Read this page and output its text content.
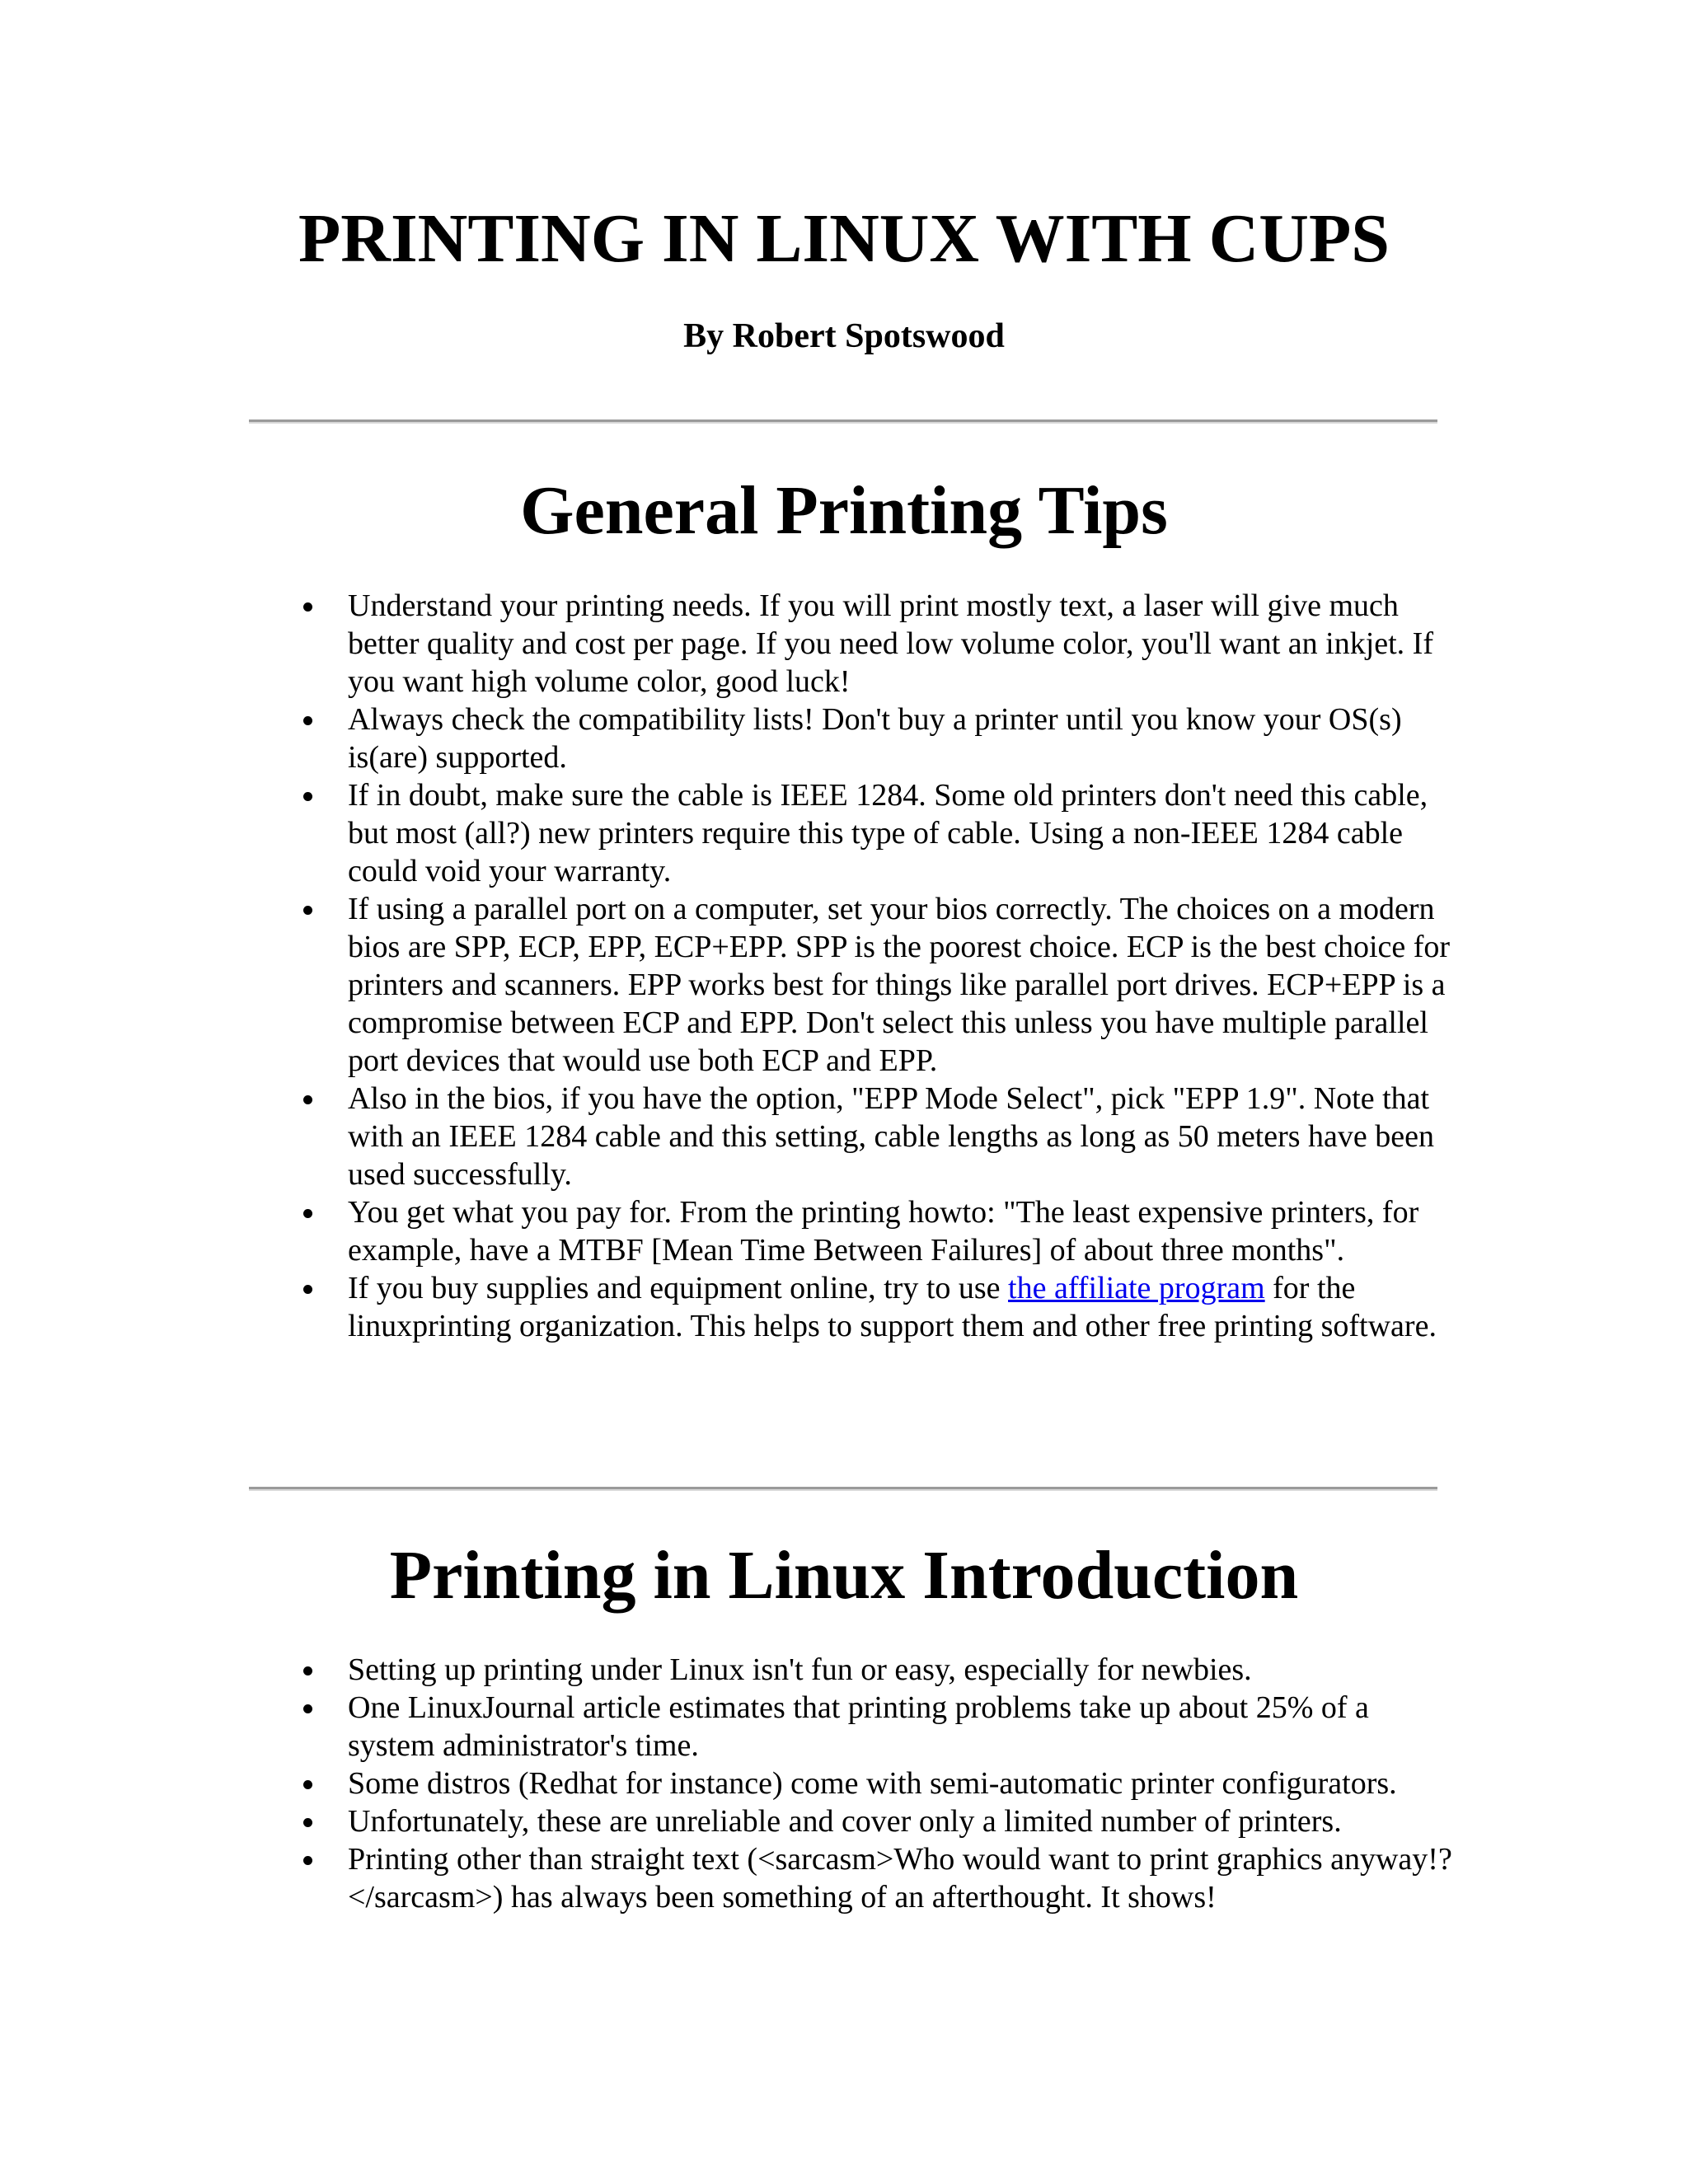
PRINTING IN LINUX WITH CUPS
By Robert Spotswood
General Printing Tips
Understand your printing needs. If you will print mostly text, a laser will give much better quality and cost per page. If you need low volume color, you'll want an inkjet. If you want high volume color, good luck!
Always check the compatibility lists! Don't buy a printer until you know your OS(s) is(are) supported.
If in doubt, make sure the cable is IEEE 1284. Some old printers don't need this cable, but most (all?) new printers require this type of cable. Using a non-IEEE 1284 cable could void your warranty.
If using a parallel port on a computer, set your bios correctly. The choices on a modern bios are SPP, ECP, EPP, ECP+EPP. SPP is the poorest choice. ECP is the best choice for printers and scanners. EPP works best for things like parallel port drives. ECP+EPP is a compromise between ECP and EPP. Don't select this unless you have multiple parallel port devices that would use both ECP and EPP.
Also in the bios, if you have the option, "EPP Mode Select", pick "EPP 1.9". Note that with an IEEE 1284 cable and this setting, cable lengths as long as 50 meters have been used successfully.
You get what you pay for. From the printing howto: "The least expensive printers, for example, have a MTBF [Mean Time Between Failures] of about three months".
If you buy supplies and equipment online, try to use the affiliate program for the linuxprinting organization. This helps to support them and other free printing software.
Printing in Linux Introduction
Setting up printing under Linux isn't fun or easy, especially for newbies.
One LinuxJournal article estimates that printing problems take up about 25% of a system administrator's time.
Some distros (Redhat for instance) come with semi-automatic printer configurators.
Unfortunately, these are unreliable and cover only a limited number of printers.
Printing other than straight text (<sarcasm>Who would want to print graphics anyway!?</sarcasm>) has always been something of an afterthought. It shows!
